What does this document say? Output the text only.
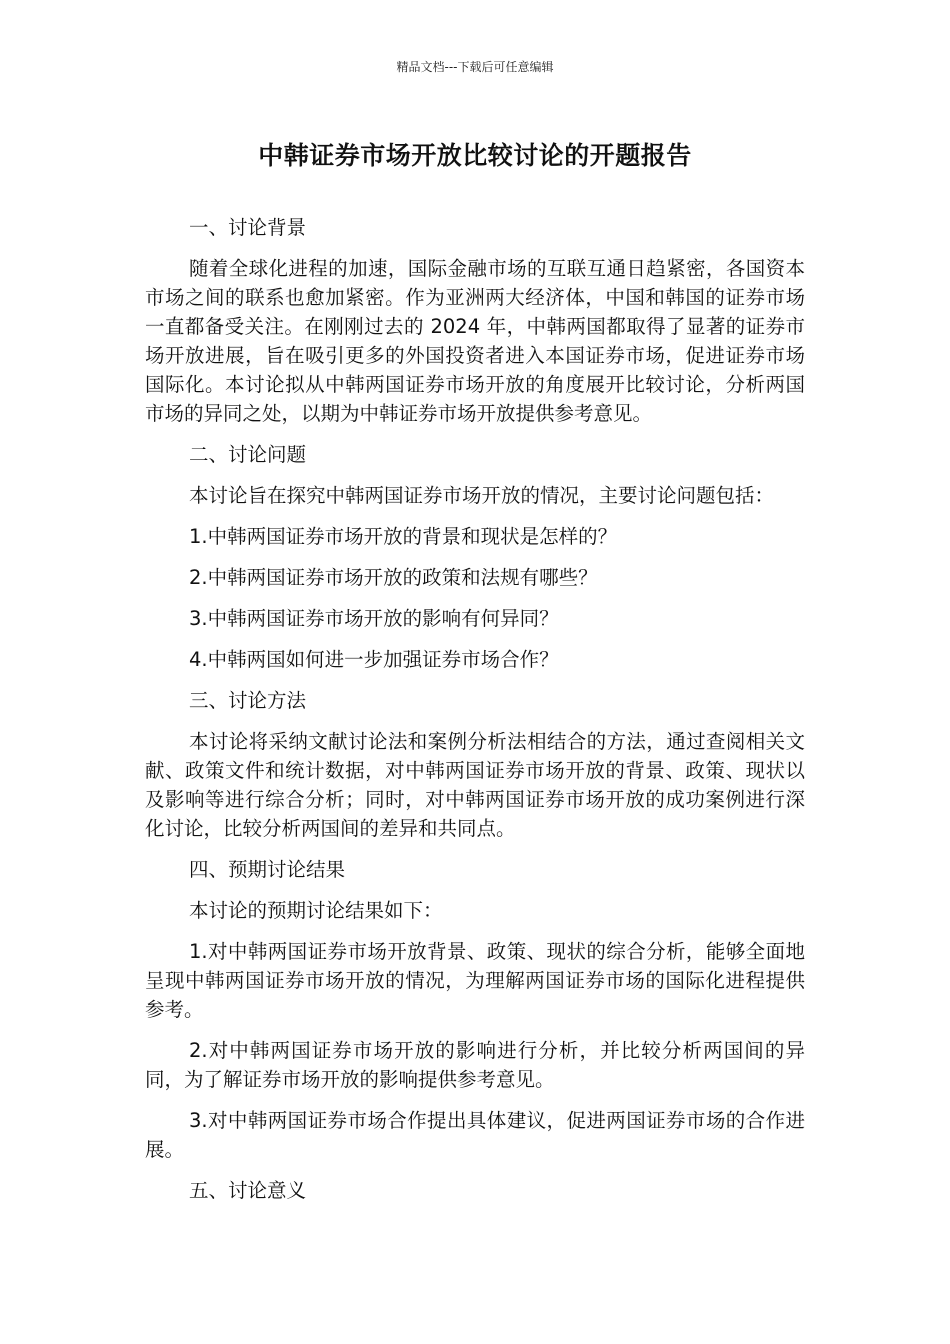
精品文档---下载后可任意编辑
中韩证券市场开放比较讨论的开题报告
一、讨论背景
随着全球化进程的加速，国际金融市场的互联互通日趋紧密，各国资本市场之间的联系也愈加紧密。作为亚洲两大经济体，中国和韩国的证券市场一直都备受关注。在刚刚过去的 2024 年，中韩两国都取得了显著的证券市场开放进展，旨在吸引更多的外国投资者进入本国证券市场，促进证券市场国际化。本讨论拟从中韩两国证券市场开放的角度展开比较讨论，分析两国市场的异同之处，以期为中韩证券市场开放提供参考意见。
二、讨论问题
本讨论旨在探究中韩两国证券市场开放的情况，主要讨论问题包括：
1.中韩两国证券市场开放的背景和现状是怎样的？
2.中韩两国证券市场开放的政策和法规有哪些？
3.中韩两国证券市场开放的影响有何异同？
4.中韩两国如何进一步加强证券市场合作？
三、讨论方法
本讨论将采纳文献讨论法和案例分析法相结合的方法，通过查阅相关文献、政策文件和统计数据，对中韩两国证券市场开放的背景、政策、现状以及影响等进行综合分析；同时，对中韩两国证券市场开放的成功案例进行深化讨论，比较分析两国间的差异和共同点。
四、预期讨论结果
本讨论的预期讨论结果如下：
1.对中韩两国证券市场开放背景、政策、现状的综合分析，能够全面地呈现中韩两国证券市场开放的情况，为理解两国证券市场的国际化进程提供参考。
2.对中韩两国证券市场开放的影响进行分析，并比较分析两国间的异同，为了解证券市场开放的影响提供参考意见。
3.对中韩两国证券市场合作提出具体建议，促进两国证券市场的合作进展。
五、讨论意义
